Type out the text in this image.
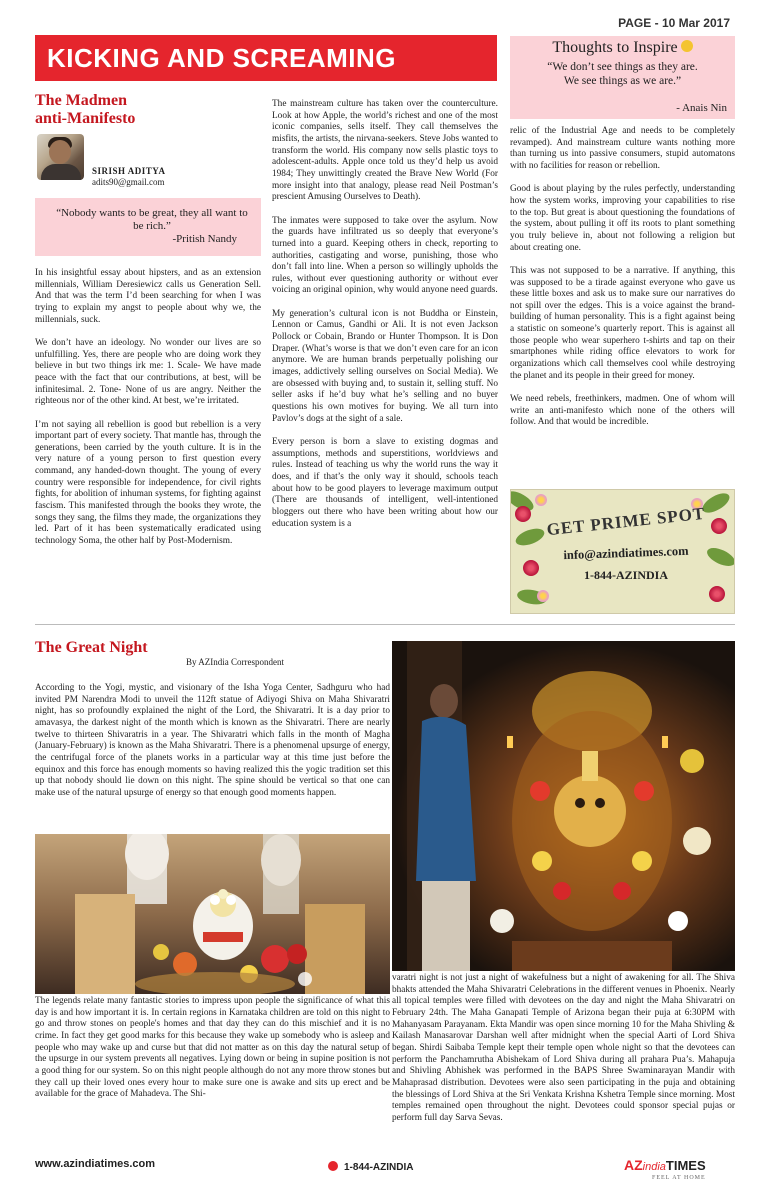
PAGE - 10 Mar 2017
KICKING AND SCREAMING	Thoughts to Inspire

“We don’t see things as they are.
We see things as we are.”

- Anais Nin
The Madmen
anti-Manifesto
SIRISH ADITYA
adits90@gmail.com
“Nobody wants to be great, they all want to be rich.”
-Pritish Nandy

In his insightful essay about hipsters, and as an extension millennials, William Deresiewicz calls us Generation Sell. And that was the term I’d been searching for when I was trying to explain my angst to people about why we, the millennials, suck.

We don’t have an ideology. No wonder our lives are so unfulfilling. Yes, there are people who are doing work they believe in but two things irk me: 1. Scale- We have made peace with the fact that our contributions, at best, will be infinitesimal. 2. Tone- None of us are angry. Neither the righteous nor of the other kind. At best, we’re irritated.

I’m not saying all rebellion is good but rebellion is a very important part of every society. That mantle has, through the generations, been carried by the youth culture. It is in the very nature of a young person to first question every command, any handed-down thought. The young of every country were responsible for independence, for civil rights fights, for abolition of inhuman systems, for fighting against fascism. This manifested through the books they wrote, the songs they sang, the films they made, the organizations they led. Part of it has been systematically eradicated using technology Soma, the other half by Post-Modernism.

The mainstream culture has taken over the counterculture. Look at how Apple, the world’s richest and one of the most iconic companies, sells itself. They call themselves the misfits, the artists, the nirvana-seekers. Steve Jobs wanted to transform the world. His company now sells plastic toys to adolescent-adults. Apple once told us they’d help us avoid 1984; They unwittingly created the Brave New World (For more insight into that analogy, please read Neil Postman’s prescient Amusing Ourselves to Death).

The inmates were supposed to take over the asylum. Now the guards have infiltrated us so deeply that everyone’s turned into a guard. Keeping others in check, reporting to authorities, castigating and worse, punishing, those who don’t fall into line. When a person so willingly upholds the rules, without ever questioning authority or without ever voicing an original opinion, why would anyone need guards.

My generation’s cultural icon is not Buddha or Einstein, Lennon or Camus, Gandhi or Ali. It is not even Jackson Pollock or Cobain, Brando or Hunter Thompson. It is Don Draper. (What’s worse is that we don’t even care for an icon anymore. We are human brands perpetually polishing our images, addictively selling ourselves on Social Media). We are obsessed with buying and, to sustain it, selling stuff. No seller asks if he’d buy what he’s selling and no buyer questions his own motives for buying. We all turn into Pavlov’s dogs at the sight of a sale.

Every person is born a slave to existing dogmas and assumptions, methods and superstitions, worldviews and rules. Instead of teaching us why the world runs the way it does, and if that’s the only way it should, schools teach about how to be good players to leverage maximum output (There are thousands of intelligent, well-intentioned bloggers out there who have been writing about how our education system is a

relic of the Industrial Age and needs to be completely revamped). And mainstream culture wants nothing more than turning us into passive consumers, stupid automatons with no facilities for reason or rebellion.

Good is about playing by the rules perfectly, understanding how the system works, improving your capabilities to rise to the top. But great is about questioning the foundations of the system, about pulling it off its roots to plant something you truly believe in, about not following a religion but about creating one.

This was not supposed to be a narrative. If anything, this was supposed to be a tirade against everyone who gave us these little boxes and ask us to make sure our narratives do not spill over the edges. This is a voice against the brand-building of human personality. This is a fight against being a statistic on someone’s quarterly report. This is against all those people who wear superhero t-shirts and tap on their smartphones while riding office elevators to work for organizations which call themselves cool while destroying the planet and its people in their greed for money.

We need rebels, freethinkers, madmen. One of whom will write an anti-manifesto which none of the others will follow. And that would be incredible.

GET PRIME SPOT
info@azindiatimes.com
1-844-AZINDIA
The Great Night
By AZIndia Correspondent

According to the Yogi, mystic, and visionary of the Isha Yoga Center, Sadhguru who had invited PM Narendra Modi to unveil the 112ft statue of Adiyogi Shiva on Maha Shivaratri night, has so profoundly explained the night of the Lord, the Shivaratri. It is a day prior to amavasya, the darkest night of the month which is known as the Shivaratri. There are nearly twelve to thirteen Shivaratris in a year. The Shivaratri which falls in the month of Magha (January-February) is known as the Maha Shivaratri. There is a phenomenal upsurge of energy, the centrifugal force of the planets works in a particular way at this time just before the equinox and this force has enough moments so having realized this the yogic tradition set this up that nobody should lie down on this night. The spine should be vertical so that one can make use of the natural upsurge of energy so that enough good moments happen.

The legends relate many fantastic stories to impress upon people the significance of what this day is and how important it is. In certain regions in Karnataka children are told on this night to go and throw stones on people's homes and that day they can do this mischief and it is no crime. In fact they get good marks for this because they wake up somebody who is asleep and people who may wake up and curse but that did not matter as on this day the natural setup of the upsurge in our system prevents all negatives. Lying down or being in supine position is not a good thing for our system. So on this night people although do not any more throw stones but they call up their loved ones every hour to make sure one is awake and sits up erect and be available for the grace of Mahadeva. The Shi-

varatri night is not just a night of wakefulness but a night of awakening for all. The Shiva bhakts attended the Maha Shivaratri Celebrations in the different venues in Phoenix. Nearly all topical temples were filled with devotees on the day and night the Maha Shivaratri on February 24th. The Maha Ganapati Temple of Arizona began their puja at 6:30PM with Mahanyasam Parayanam. Ekta Mandir was open since morning 10 for the Maha Shivling & Kailash Manasarovar Darshan well after midnight when the special Aarti of Lord Shiva began. Shirdi Saibaba Temple kept their temple open whole night so that the devotees can perform the Panchamrutha Abishekam of Lord Shiva during all prahara Pua’s. Mahapuja and Shivling Abhishek was performed in the BAPS Shree Swaminarayan Mandir with Mahaprasad distribution. Devotees were also seen participating in the puja and obtaining the blessings of Lord Shiva at the Sri Venkata Krishna Kshetra Temple since morning. Most temples remained open throughout the night. Devotees could sponsor special pujas or perform full day Sarva Sevas.

www.azindiatimes.com	1-844-AZINDIA	AZindiaTIMES
FEEL AT HOME
